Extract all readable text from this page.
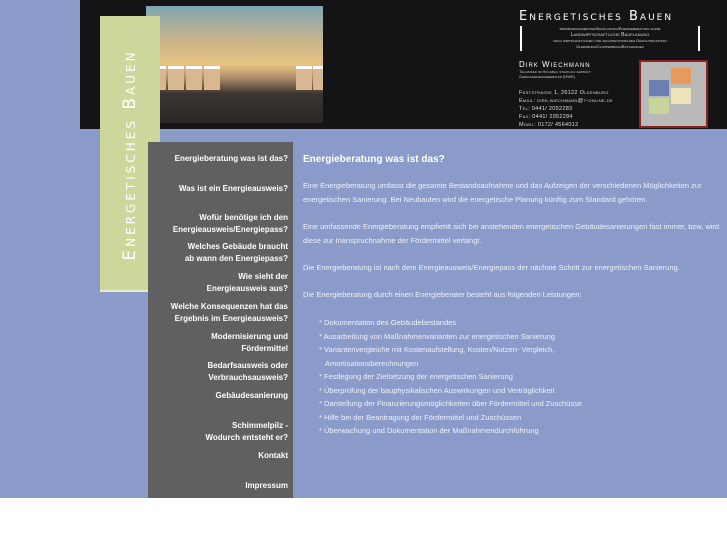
Energetisches Bauen
Energetisches Bauen
Immobiliensanierung/Bauplanung/Energieberatung sowie
Landwirtschaftliche Bauplanung
nach wirtschaftlichen und architektonischen Gesichtspunkten
Oldenburg/Cloppenburg/Butjadingen
Dirk Wiechmann
Techniker im Hochbau staatlich geprüft
Gebäudeenergieberater (HWK)
Feststrasse 1, 26122 Oldenburg
Email: dirk.wiechmann@t-online.de
Tel: 0441/ 2052283
Fax: 0441/ 2052284
Mobil: 0172/ 4564012
Energieberatung was ist das?
Was ist ein Energieausweis?
Wofür benötige ich den
Energieausweis/Energiepass?
Welches Gebäude braucht
ab wann den Energiepass?
Wie sieht der
Energieausweis aus?
Welche Konsequenzen hat das
Ergebnis im Energieausweis?
Modernisierung und
Fördermittel
Bedarfsausweis oder
Verbrauchsausweis?
Gebäudesanierung
Schimmelpilz -
Wodurch entsteht er?
Kontakt
Impressum
Energieberatung was ist das?

Eine Energieberatung umfasst die gesamte Bestandsaufnahme und das Aufzeigen der verschiedenen Möglichkeiten zur energetischen Sanierung. Bei Neubauten wird die energetische Planung künftig zum Standard gehören.

Eine umfassende Energieberatung empfiehlt sich bei anstehenden energetischen Gebäudesanierungen fast immer, bzw, wird diese zur Inanspruchnahme der Fördermittel verlangt.

Die Energieberatung ist nach dem Energieausweis/Energiepass der nächste Schritt zur energetischen Sanierung.

Die Energieberatung durch einen Energieberater besteht aus folgenden Leistungen:

* Dokumentation des Gebäudebestandes
* Ausarbeitung von Maßnahmenvarianten zur energetischen Sanierung
* Variantenvergleiche mit Kostenaufstellung, Kosten/Nutzen- Vergleich,
Amortisationsberechnungen
* Festlegung der Zielsetzung der energetischen Sanierung
* Überprüfung der bauphysikalischen Auswirkungen und Verträglichkeit
* Darstellung der Finanzierungsmöglichkeiten über Fördermittel und Zuschüsse
* Hilfe bei der Beantragung der Fördermittel und Zuschüssen
* Überwachung und Dokumentation der Maßnahmendurchführung
